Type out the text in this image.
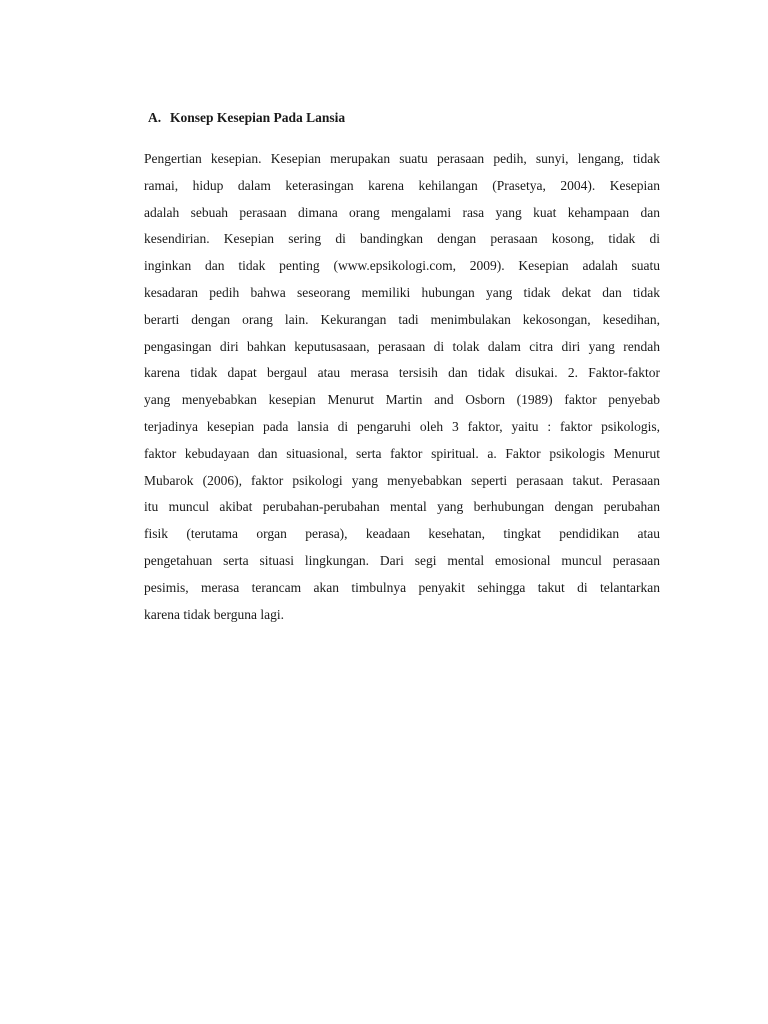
A. Konsep Kesepian Pada Lansia
Pengertian kesepian. Kesepian merupakan suatu perasaan pedih, sunyi, lengang, tidak
ramai, hidup dalam keterasingan karena kehilangan (Prasetya, 2004). Kesepian
adalah sebuah perasaan dimana orang mengalami rasa yang kuat kehampaan dan
kesendirian. Kesepian sering di bandingkan dengan perasaan kosong, tidak di
inginkan dan tidak penting (www.epsikologi.com, 2009). Kesepian adalah suatu
kesadaran pedih bahwa seseorang memiliki hubungan yang tidak dekat dan tidak
berarti dengan orang lain. Kekurangan tadi menimbulakan kekosongan, kesedihan,
pengasingan diri bahkan keputusasaan, perasaan di tolak dalam citra diri yang rendah
karena tidak dapat bergaul atau merasa tersisih dan tidak disukai. 2. Faktor-faktor
yang menyebabkan kesepian Menurut Martin and Osborn (1989) faktor penyebab
terjadinya kesepian pada lansia di pengaruhi oleh 3 faktor, yaitu : faktor psikologis,
faktor kebudayaan dan situasional, serta faktor spiritual. a. Faktor psikologis Menurut
Mubarok (2006), faktor psikologi yang menyebabkan seperti perasaan takut. Perasaan
itu muncul akibat perubahan-perubahan mental yang berhubungan dengan perubahan
fisik (terutama organ perasa), keadaan kesehatan, tingkat pendidikan atau
pengetahuan serta situasi lingkungan. Dari segi mental emosional muncul perasaan
pesimis, merasa terancam akan timbulnya penyakit sehingga takut di telantarkan
karena tidak berguna lagi.
